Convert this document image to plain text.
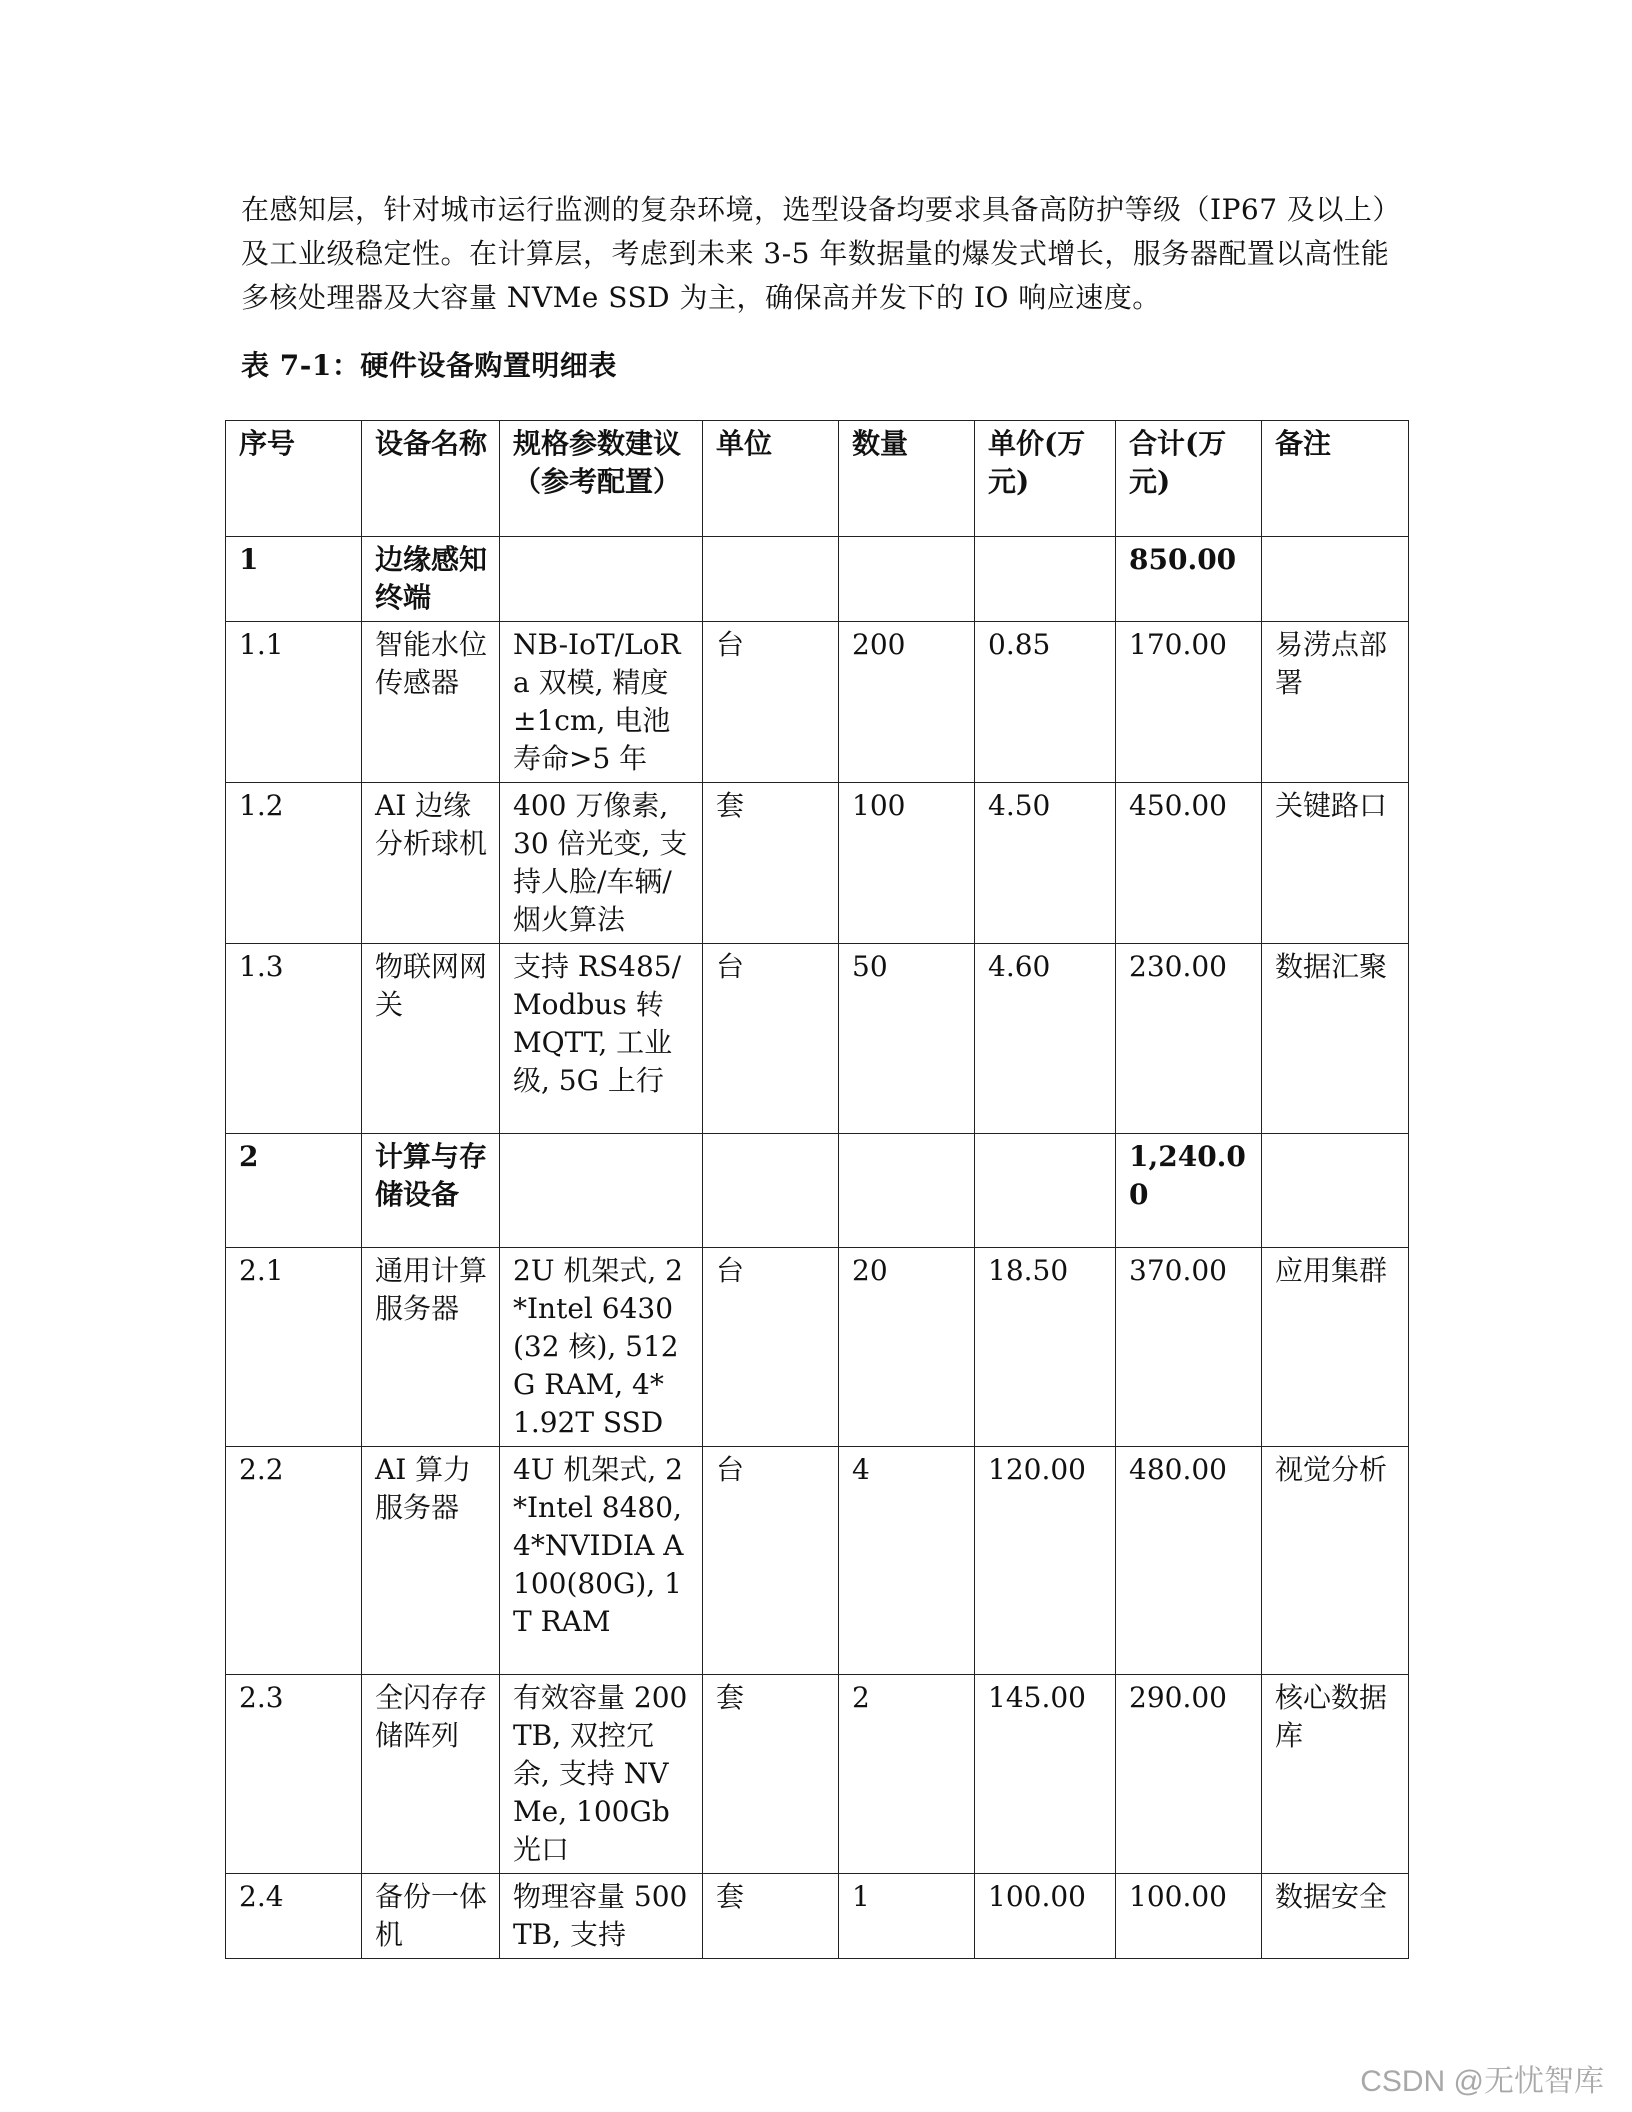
在感知层，针对城市运行监测的复杂环境，选型设备均要求具备高防护等级（IP67 及以上）及工业级稳定性。在计算层，考虑到未来 3-5 年数据量的爆发式增长，服务器配置以高性能多核处理器及大容量 NVMe SSD 为主，确保高并发下的 IO 响应速度。

表 7-1：硬件设备购置明细表

序号	设备名称	规格参数建议（参考配置）	单位	数量	单价(万元)	合计(万元)	备注
1	边缘感知终端					850.00	
1.1	智能水位传感器	NB-IoT/LoRa 双模, 精度±1cm, 电池寿命>5 年	台	200	0.85	170.00	易涝点部署
1.2	AI 边缘分析球机	400 万像素, 30 倍光变, 支持人脸/车辆/烟火算法	套	100	4.50	450.00	关键路口
1.3	物联网网关	支持 RS485/Modbus 转 MQTT, 工业级, 5G 上行	台	50	4.60	230.00	数据汇聚
2	计算与存储设备					1,240.00	
2.1	通用计算服务器	2U 机架式, 2*Intel 6430(32 核), 512G RAM, 4*1.92T SSD	台	20	18.50	370.00	应用集群
2.2	AI 算力服务器	4U 机架式, 2*Intel 8480, 4*NVIDIA A100(80G), 1T RAM	台	4	120.00	480.00	视觉分析
2.3	全闪存存储阵列	有效容量 200TB, 双控冗余, 支持 NVMe, 100Gb 光口	套	2	145.00	290.00	核心数据库
2.4	备份一体机	物理容量 500TB, 支持	套	1	100.00	100.00	数据安全
CSDN @无忧智库
